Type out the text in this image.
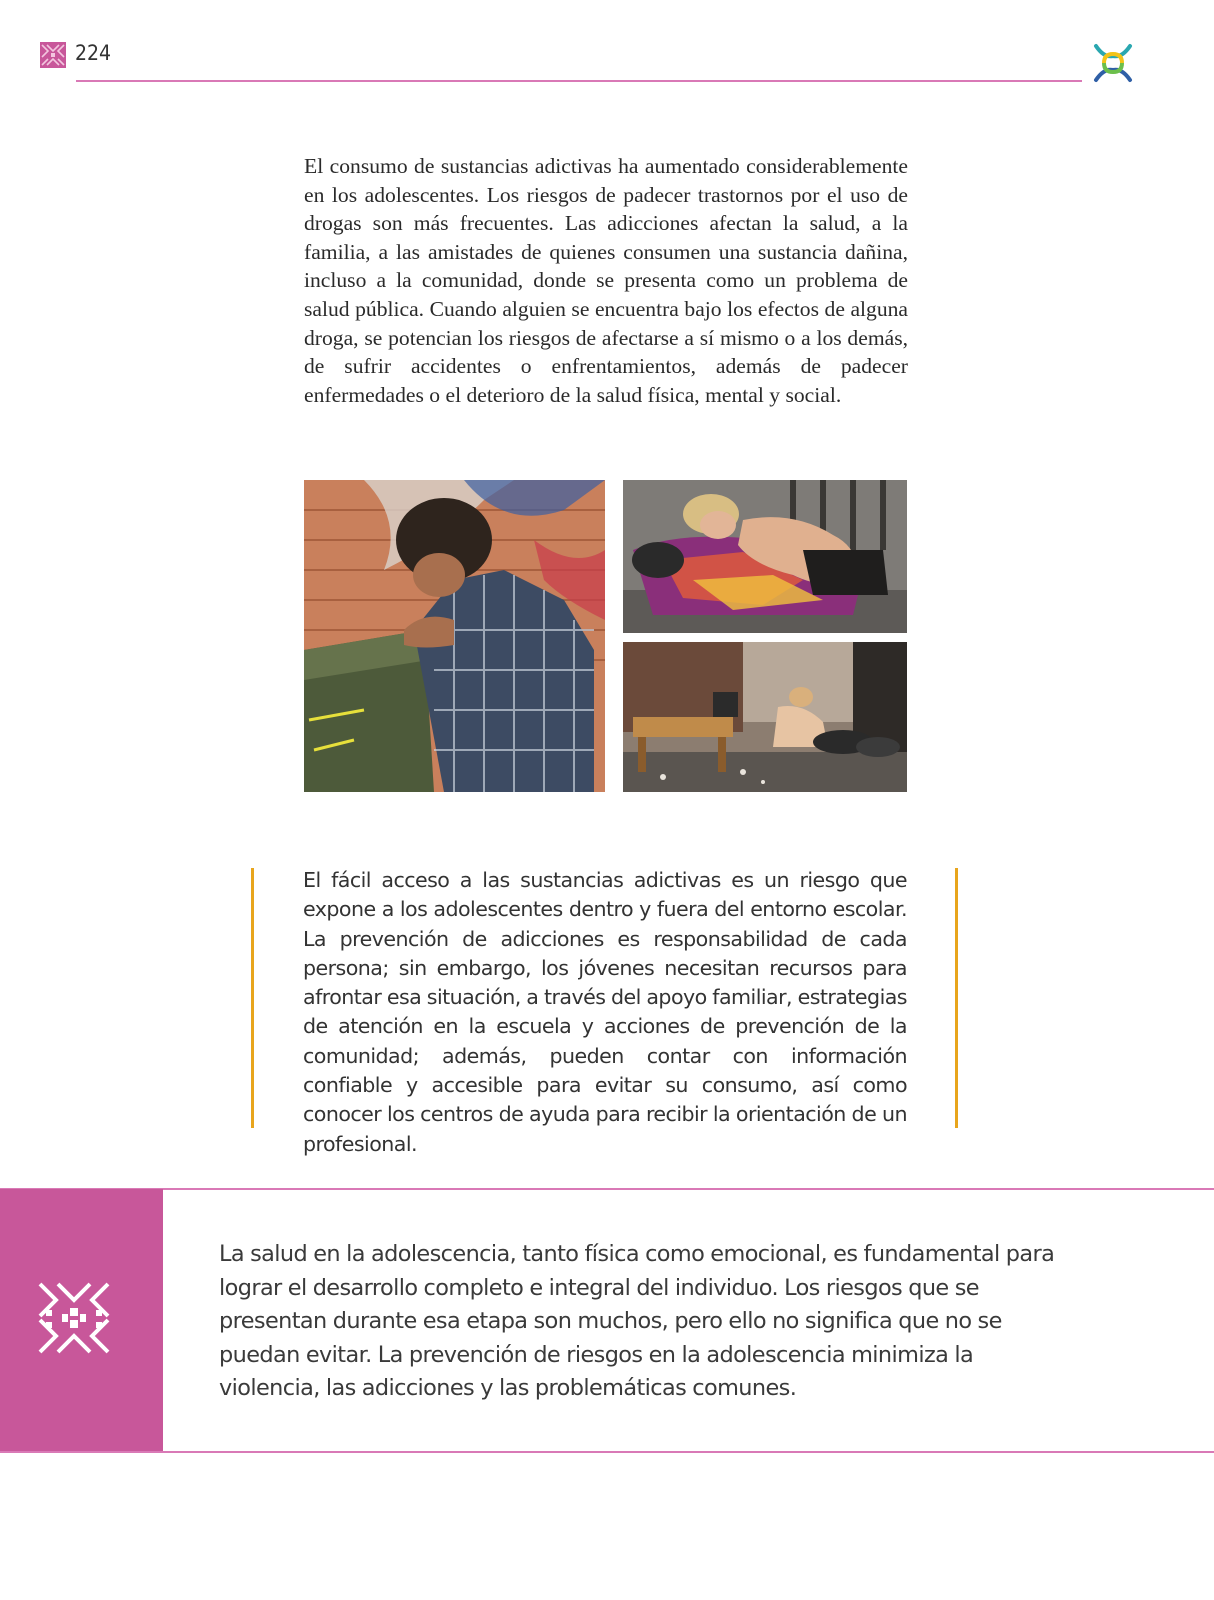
224

El consumo de sustancias adictivas ha aumentado considerablemente en los adolescentes. Los riesgos de padecer trastornos por el uso de drogas son más frecuentes. Las adicciones afectan la salud, a la familia, a las amistades de quienes consumen una sustancia dañina, incluso a la comunidad, donde se presenta como un problema de salud pública. Cuando alguien se encuentra bajo los efectos de alguna droga, se potencian los riesgos de afectarse a sí mismo o a los demás, de sufrir accidentes o enfrentamientos, además de padecer enfermedades o el deterioro de la salud física, mental y social.

El fácil acceso a las sustancias adictivas es un riesgo que expone a los adolescentes dentro y fuera del entorno escolar. La prevención de adicciones es responsabilidad de cada persona; sin embargo, los jóvenes necesitan recursos para afrontar esa situación, a través del apoyo familiar, estrategias de atención en la escuela y acciones de prevención de la comunidad; además, pueden contar con información confiable y accesible para evitar su consumo, así como conocer los centros de ayuda para recibir la orientación de un profesional.

La salud en la adolescencia, tanto física como emocional, es fundamental para lograr el desarrollo completo e integral del individuo. Los riesgos que se presentan durante esa etapa son muchos, pero ello no significa que no se puedan evitar. La prevención de riesgos en la adolescencia minimiza la violencia, las adicciones y las problemáticas comunes.
